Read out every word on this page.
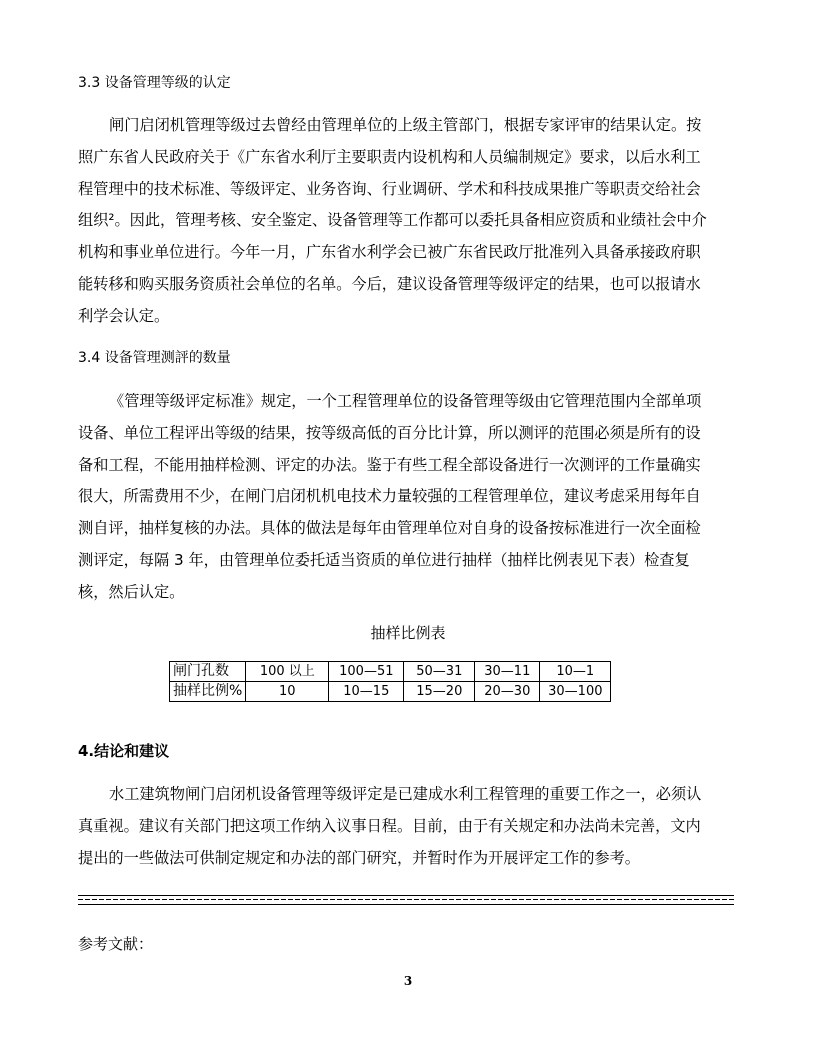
3.3 设备管理等级的认定

闸门启闭机管理等级过去曾经由管理单位的上级主管部门，根据专家评审的结果认定。按
照广东省人民政府关于《广东省水利厅主要职责内设机构和人员编制规定》要求，以后水利工
程管理中的技术标准、等级评定、业务咨询、行业调研、学术和科技成果推广等职责交给社会
组织²。因此，管理考核、安全鉴定、设备管理等工作都可以委托具备相应资质和业绩社会中介
机构和事业单位进行。今年一月，广东省水利学会已被广东省民政厅批准列入具备承接政府职
能转移和购买服务资质社会单位的名单。今后，建议设备管理等级评定的结果，也可以报请水
利学会认定。

3.4 设备管理测評的数量

《管理等级评定标准》规定，一个工程管理单位的设备管理等级由它管理范围内全部单项
设备、单位工程评出等级的结果，按等级高低的百分比计算，所以测评的范围必须是所有的设
备和工程，不能用抽样检测、评定的办法。鉴于有些工程全部设备进行一次测评的工作量确实
很大，所需费用不少，在闸门启闭机机电技术力量较强的工程管理单位，建议考虑采用每年自
测自评，抽样复核的办法。具体的做法是每年由管理单位对自身的设备按标准进行一次全面检
测评定，每隔 3 年，由管理单位委托适当资质的单位进行抽样（抽样比例表见下表）检查复
核，然后认定。

抽样比例表
闸门孔数	100 以上	100—51	50—31	30—11	10—1
抽样比例%	10	10—15	15—20	20—30	30—100
4.结论和建议

水工建筑物闸门启闭机设备管理等级评定是已建成水利工程管理的重要工作之一，必须认
真重视。建议有关部门把这项工作纳入议事日程。目前，由于有关规定和办法尚未完善，文内
提出的一些做法可供制定规定和办法的部门研究，并暂时作为开展评定工作的参考。

参考文献：
3
